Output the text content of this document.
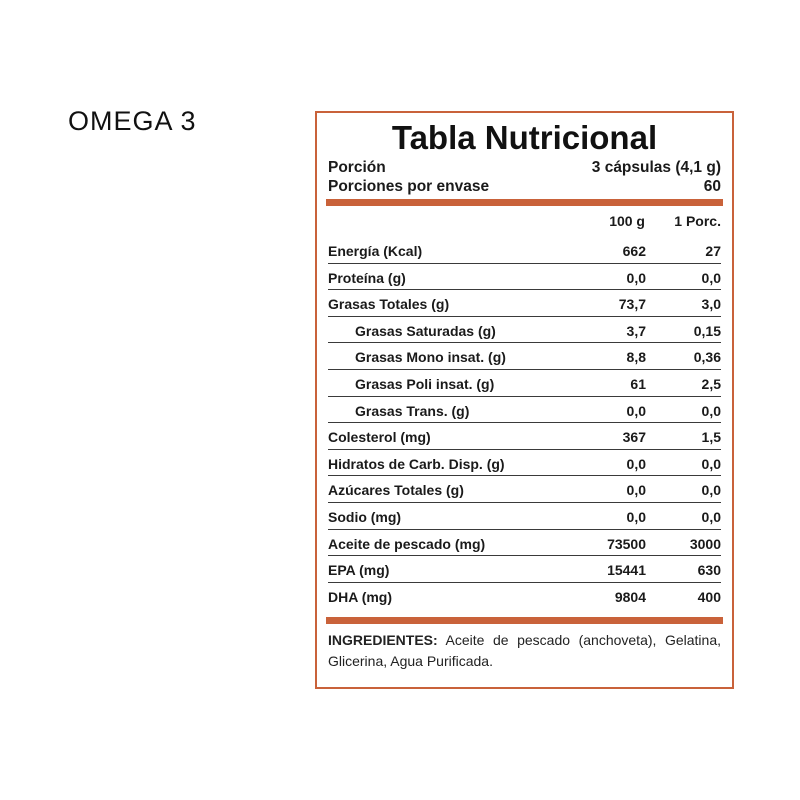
OMEGA 3	Tabla Nutricional
Porción	3 cápsulas (4,1 g)
Porciones por envase	60
100 g 1 Porc.
Energía (Kcal)	662	27
Proteína (g)	0,0	0,0
Grasas Totales (g)	73,7	3,0
Grasas Saturadas (g)	3,7	0,15
Grasas Mono insat. (g)	8,8	0,36
Grasas Poli insat. (g)	61	2,5
Grasas Trans. (g)	0,0	0,0
Colesterol (mg)	367	1,5
Hidratos de Carb. Disp. (g)	0,0	0,0
Azúcares Totales (g)	0,0	0,0
Sodio (mg)	0,0	0,0
Aceite de pescado (mg)	73500	3000
EPA (mg)	15441	630
DHA (mg)	9804	400
INGREDIENTES: Aceite de pescado (anchoveta), Gelatina, Glicerina, Agua Purificada.
